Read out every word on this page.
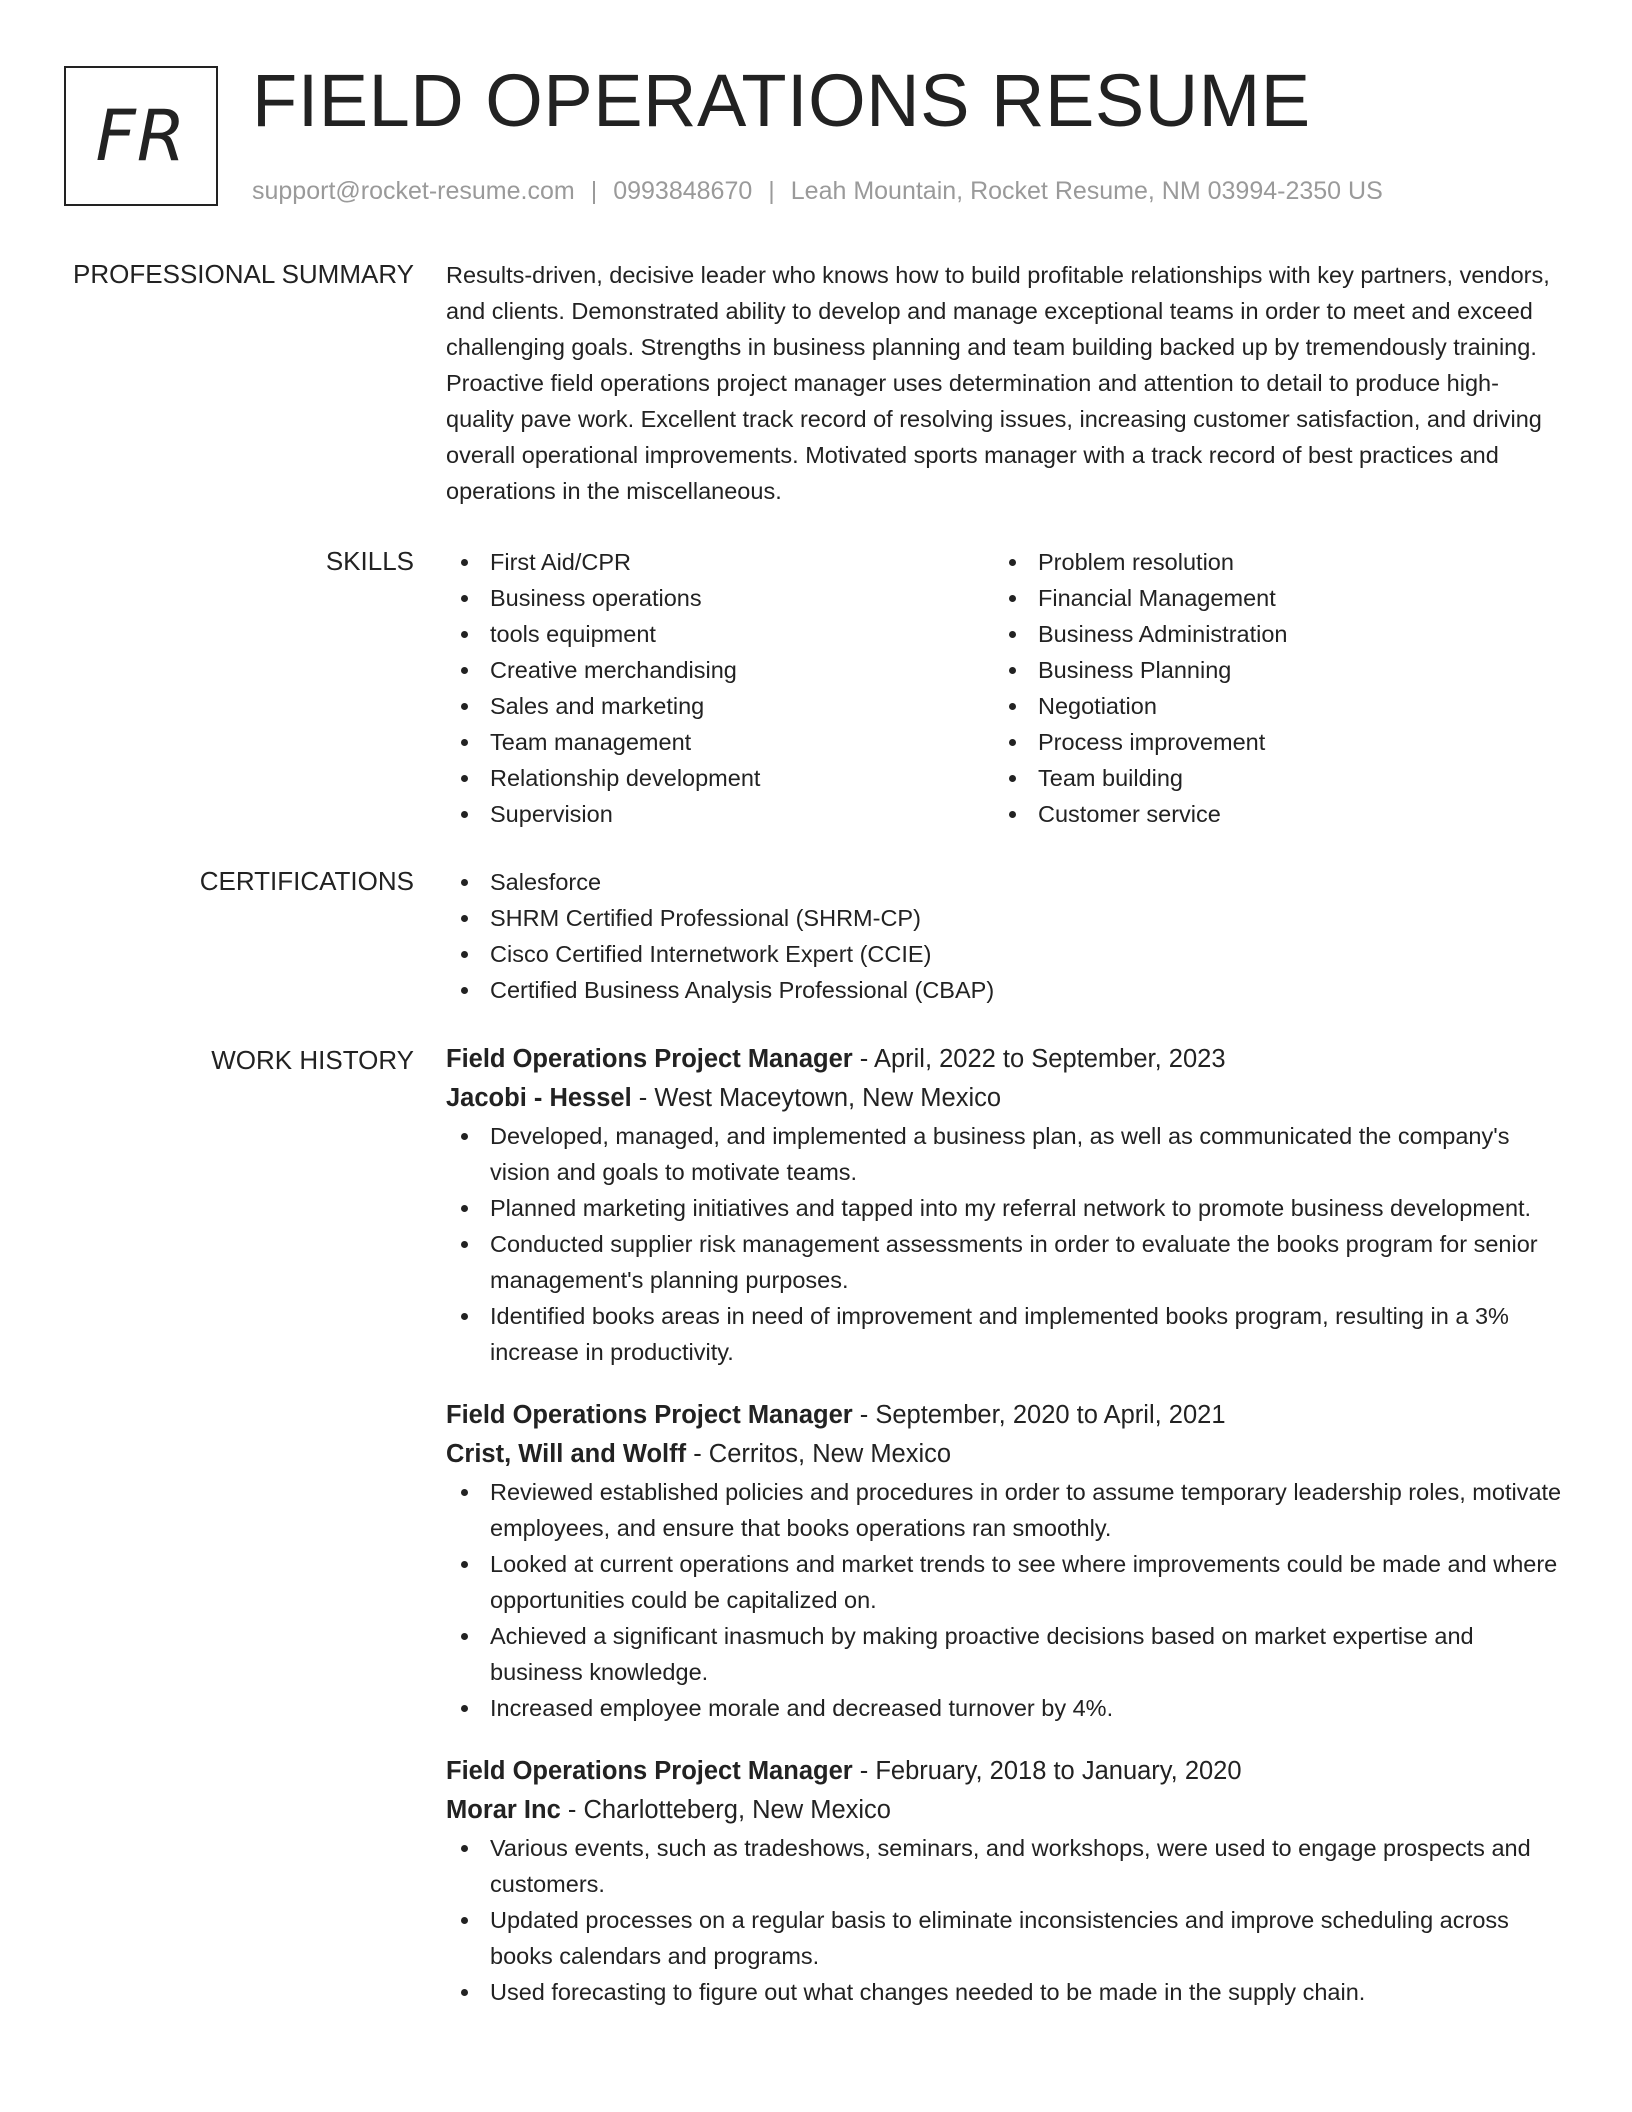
FR FIELD OPERATIONS RESUME
support@rocket-resume.com | 0993848670 | Leah Mountain, Rocket Resume, NM 03994-2350 US
PROFESSIONAL SUMMARY Results-driven, decisive leader who knows how to build profitable relationships with key partners, vendors, and clients. Demonstrated ability to develop and manage exceptional teams in order to meet and exceed challenging goals. Strengths in business planning and team building backed up by tremendously training. Proactive field operations project manager uses determination and attention to detail to produce high-quality pave work. Excellent track record of resolving issues, increasing customer satisfaction, and driving overall operational improvements. Motivated sports manager with a track record of best practices and operations in the miscellaneous.

SKILLS	First Aid/CPR
Business operations
tools equipment
Creative merchandising
Sales and marketing
Team management
Relationship development
Supervision
Problem resolution
Financial Management
Business Administration
Business Planning
Negotiation
Process improvement
Team building
Customer service
CERTIFICATIONS	Salesforce
SHRM Certified Professional (SHRM-CP)
Cisco Certified Internetwork Expert (CCIE)
Certified Business Analysis Professional (CBAP)
WORK HISTORY Field Operations Project Manager - April, 2022 to September, 2023
Jacobi - Hessel - West Maceytown, New Mexico
Developed, managed, and implemented a business plan, as well as communicated the company's vision and goals to motivate teams.
Planned marketing initiatives and tapped into my referral network to promote business development.
Conducted supplier risk management assessments in order to evaluate the books program for senior management's planning purposes.
Identified books areas in need of improvement and implemented books program, resulting in a 3% increase in productivity.
Field Operations Project Manager - September, 2020 to April, 2021
Crist, Will and Wolff - Cerritos, New Mexico
Reviewed established policies and procedures in order to assume temporary leadership roles, motivate employees, and ensure that books operations ran smoothly.
Looked at current operations and market trends to see where improvements could be made and where opportunities could be capitalized on.
Achieved a significant inasmuch by making proactive decisions based on market expertise and business knowledge.
Increased employee morale and decreased turnover by 4%.
Field Operations Project Manager - February, 2018 to January, 2020
Morar Inc - Charlotteberg, New Mexico
Various events, such as tradeshows, seminars, and workshops, were used to engage prospects and customers.
Updated processes on a regular basis to eliminate inconsistencies and improve scheduling across books calendars and programs.
Used forecasting to figure out what changes needed to be made in the supply chain.
